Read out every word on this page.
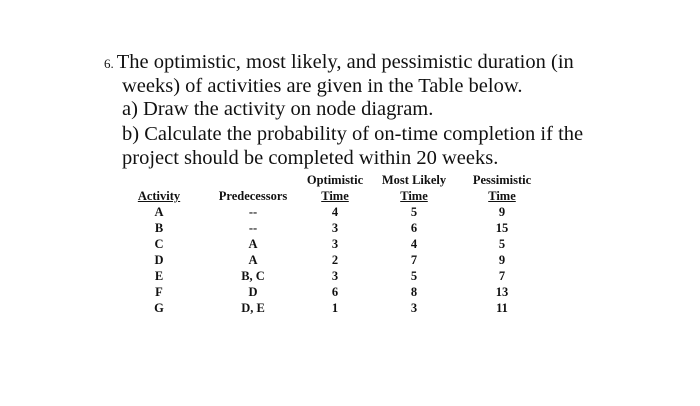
6. The optimistic, most likely, and pessimistic duration (in
weeks) of activities are given in the Table below.
a) Draw the activity on node diagram.
b) Calculate the probability of on-time completion if the
project should be completed within 20 weeks.
Optimistic Most Likely Pessimistic
Activity	Predecessors	Time	Time	Time
A	--	4	5	9
B	--	3	6	15
C	A	3	4	5
D	A	2	7	9
E	B, C	3	5	7
F	D	6	8	13
G	D, E	1	3	11
